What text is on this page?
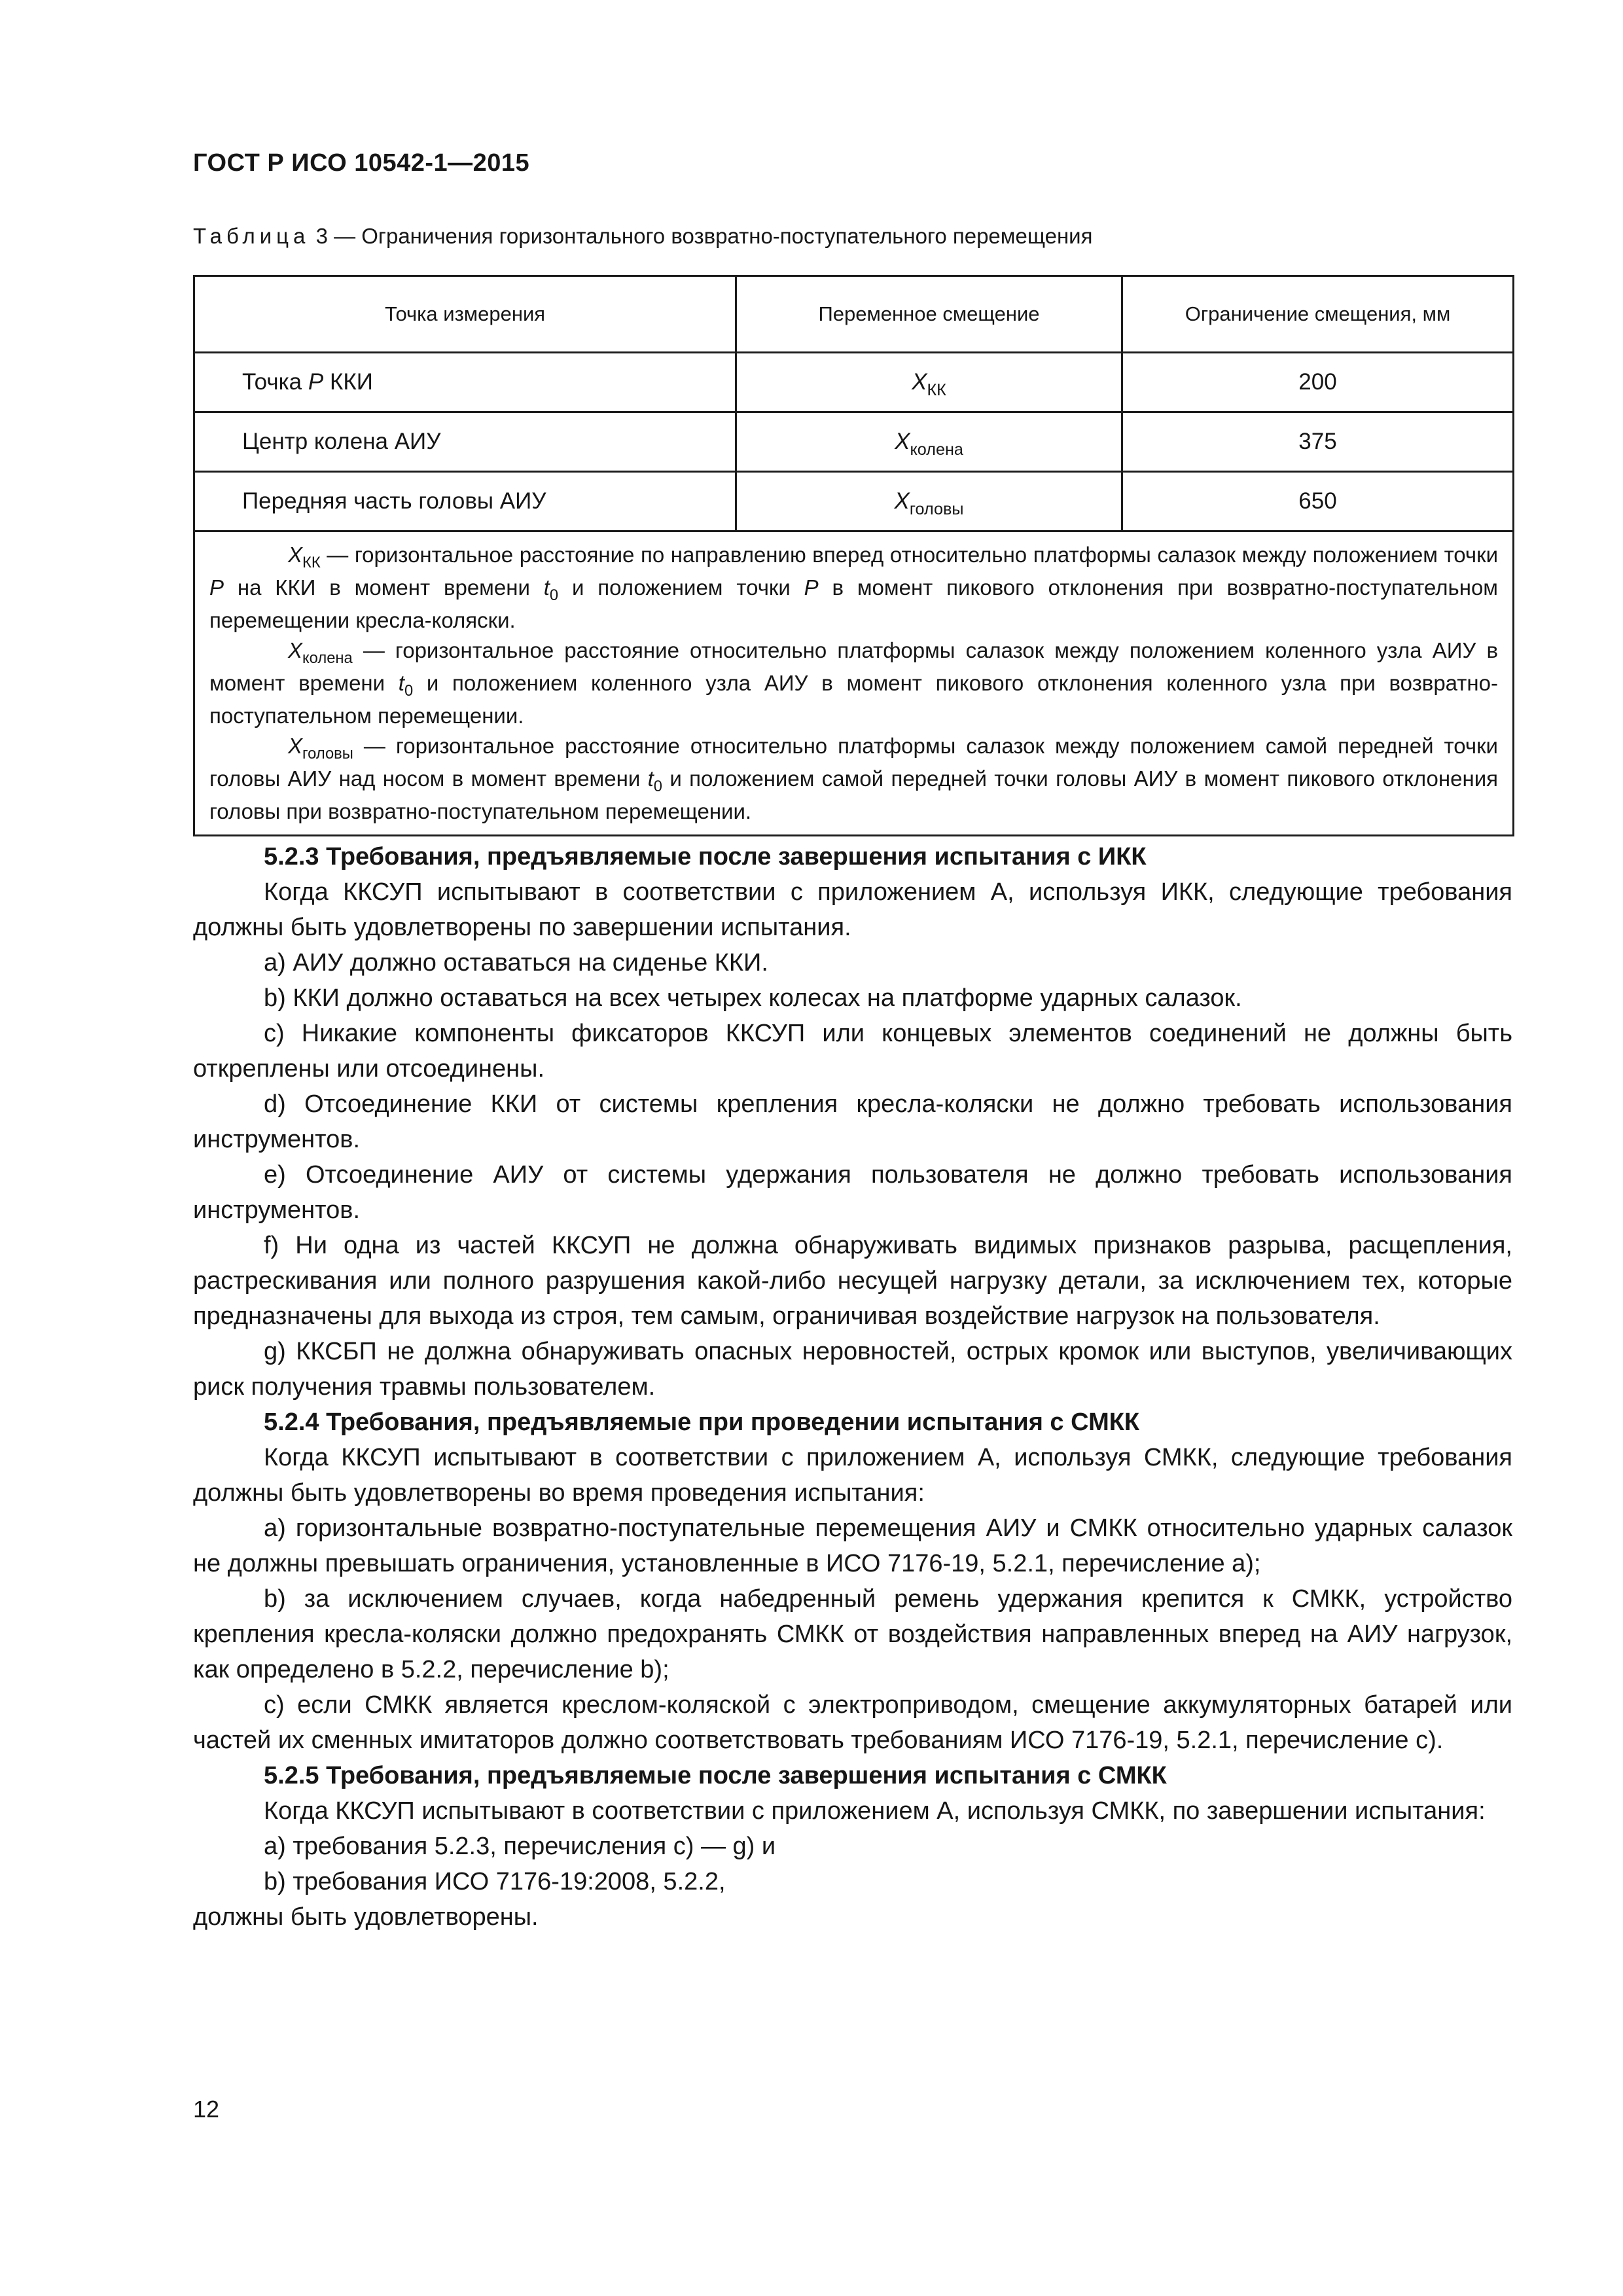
ГОСТ Р ИСО 10542-1—2015
Таблица 3 — Ограничения горизонтального возвратно-поступательного перемещения
Точка измерения	Переменное смещение	Ограничение смещения, мм
Точка P ККИ	$X_{КК}$	200
Центр колена АИУ	$X_{колена}$	375
Передняя часть головы АИУ	$X_{головы}$	650

$X_{КК}$ — горизонтальное расстояние по направлению вперед относительно платформы салазок между положением точки P на ККИ в момент времени $t_0$ и положением точки P в момент пикового отклонения при возвратно-поступательном перемещении кресла-коляски.

$X_{колена}$ — горизонтальное расстояние относительно платформы салазок между положением коленного узла АИУ в момент времени $t_0$ и положением коленного узла АИУ в момент пикового отклонения коленного узла при возвратно-поступательном перемещении.

$X_{головы}$ — горизонтальное расстояние относительно платформы салазок между положением самой передней точки головы АИУ над носом в момент времени $t_0$ и положением самой передней точки головы АИУ в момент пикового отклонения головы при возвратно-поступательном перемещении.		

5.2.3 Требования, предъявляемые после завершения испытания с ИКК

Когда ККСУП испытывают в соответствии с приложением А, используя ИКК, следующие требования должны быть удовлетворены по завершении испытания.

a) АИУ должно оставаться на сиденье ККИ.

b) ККИ должно оставаться на всех четырех колесах на платформе ударных салазок.

c) Никакие компоненты фиксаторов ККСУП или концевых элементов соединений не должны быть откреплены или отсоединены.

d) Отсоединение ККИ от системы крепления кресла-коляски не должно требовать использования инструментов.

e) Отсоединение АИУ от системы удержания пользователя не должно требовать использования инструментов.

f) Ни одна из частей ККСУП не должна обнаруживать видимых признаков разрыва, расщепления, растрескивания или полного разрушения какой-либо несущей нагрузку детали, за исключением тех, которые предназначены для выхода из строя, тем самым, ограничивая воздействие нагрузок на пользователя.

g) ККСБП не должна обнаруживать опасных неровностей, острых кромок или выступов, увеличивающих риск получения травмы пользователем.

5.2.4 Требования, предъявляемые при проведении испытания с СМКК

Когда ККСУП испытывают в соответствии с приложением А, используя СМКК, следующие требования должны быть удовлетворены во время проведения испытания:

a) горизонтальные возвратно-поступательные перемещения АИУ и СМКК относительно ударных салазок не должны превышать ограничения, установленные в ИСО 7176-19, 5.2.1, перечисление а);

b) за исключением случаев, когда набедренный ремень удержания крепится к СМКК, устройство крепления кресла-коляски должно предохранять СМКК от воздействия направленных вперед на АИУ нагрузок, как определено в 5.2.2, перечисление b);

c) если СМКК является креслом-коляской с электроприводом, смещение аккумуляторных батарей или частей их сменных имитаторов должно соответствовать требованиям ИСО 7176-19, 5.2.1, перечисление с).

5.2.5 Требования, предъявляемые после завершения испытания с СМКК

Когда ККСУП испытывают в соответствии с приложением А, используя СМКК, по завершении испытания:

a) требования 5.2.3, перечисления с) — g) и

b) требования ИСО 7176-19:2008, 5.2.2,

должны быть удовлетворены.

12
